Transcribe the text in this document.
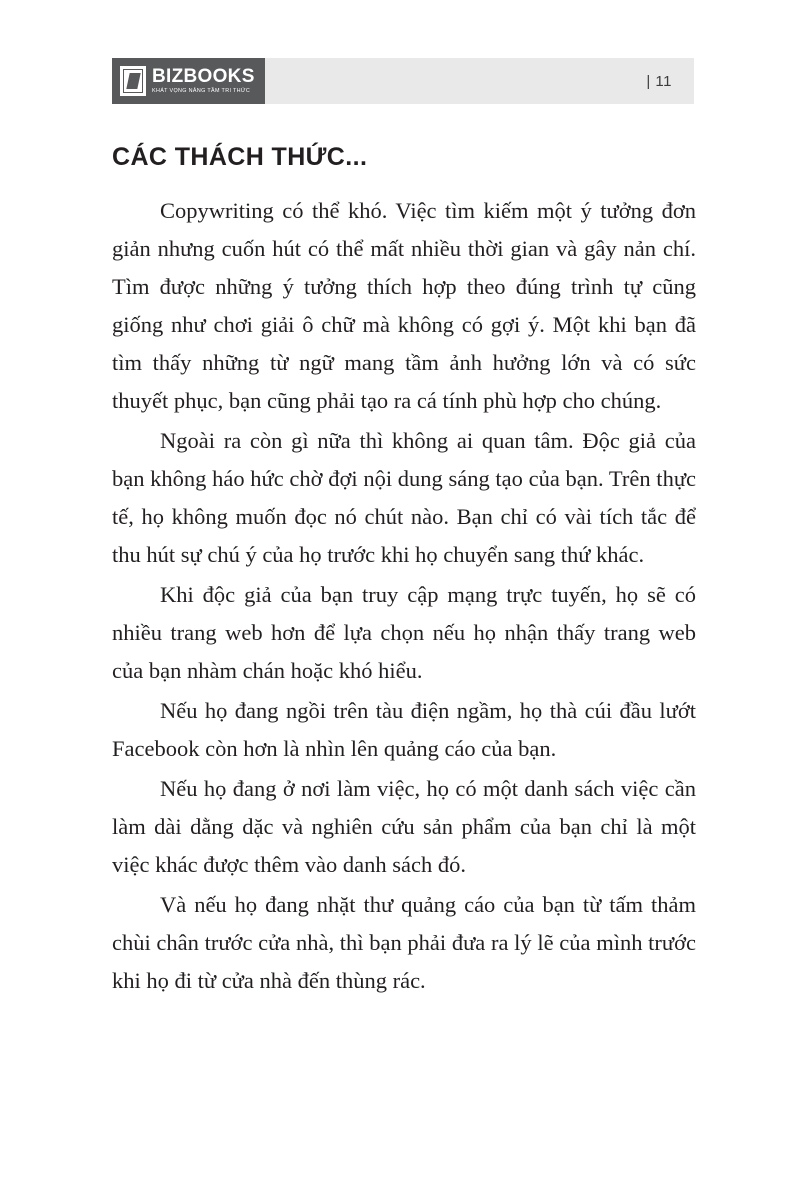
BIZBOOKS
KHÁT VỌNG NÂNG TẦM TRI THỨC
| 11
CÁC THÁCH THỨC...

Copywriting có thể khó. Việc tìm kiếm một ý tưởng đơn giản nhưng cuốn hút có thể mất nhiều thời gian và gây nản chí. Tìm được những ý tưởng thích hợp theo đúng trình tự cũng giống như chơi giải ô chữ mà không có gợi ý. Một khi bạn đã tìm thấy những từ ngữ mang tầm ảnh hưởng lớn và có sức thuyết phục, bạn cũng phải tạo ra cá tính phù hợp cho chúng.

Ngoài ra còn gì nữa thì không ai quan tâm. Độc giả của bạn không háo hức chờ đợi nội dung sáng tạo của bạn. Trên thực tế, họ không muốn đọc nó chút nào. Bạn chỉ có vài tích tắc để thu hút sự chú ý của họ trước khi họ chuyển sang thứ khác.

Khi độc giả của bạn truy cập mạng trực tuyến, họ sẽ có nhiều trang web hơn để lựa chọn nếu họ nhận thấy trang web của bạn nhàm chán hoặc khó hiểu.

Nếu họ đang ngồi trên tàu điện ngầm, họ thà cúi đầu lướt Facebook còn hơn là nhìn lên quảng cáo của bạn.

Nếu họ đang ở nơi làm việc, họ có một danh sách việc cần làm dài dằng dặc và nghiên cứu sản phẩm của bạn chỉ là một việc khác được thêm vào danh sách đó.

Và nếu họ đang nhặt thư quảng cáo của bạn từ tấm thảm chùi chân trước cửa nhà, thì bạn phải đưa ra lý lẽ của mình trước khi họ đi từ cửa nhà đến thùng rác.
